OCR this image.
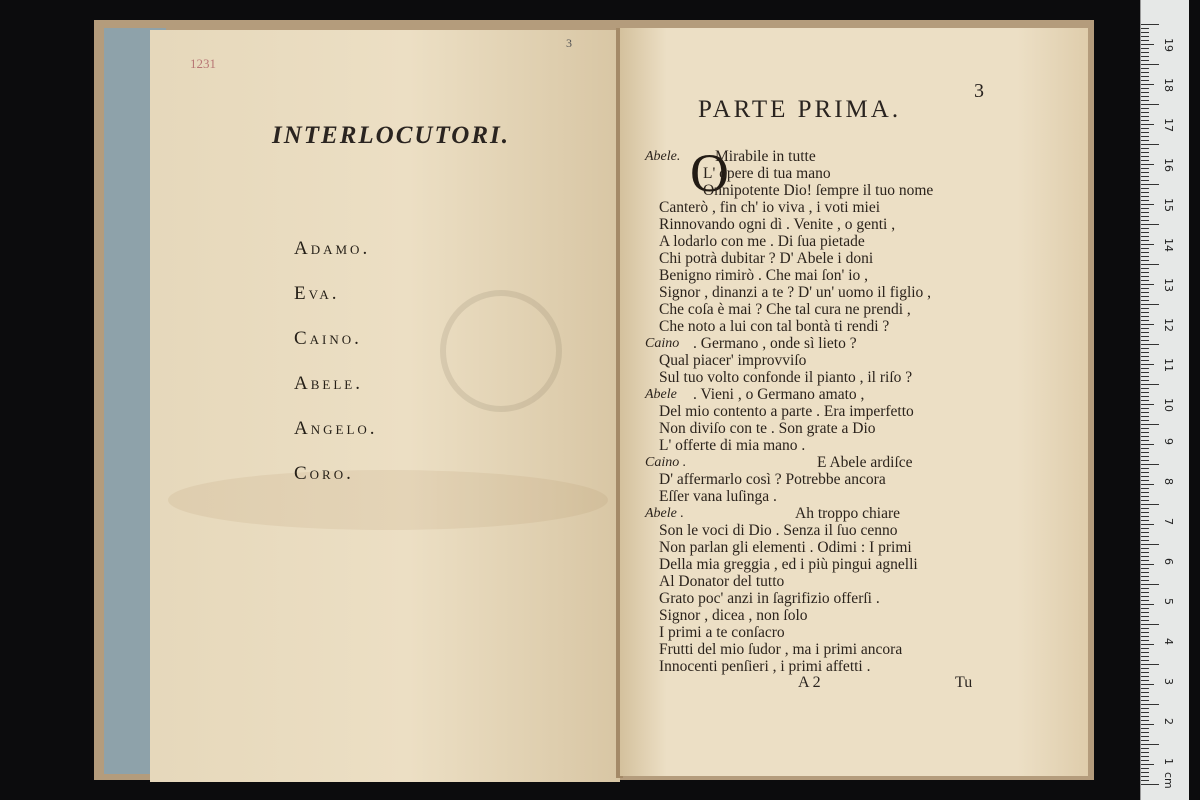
1231
3
INTERLOCUTORI.
Adamo.
Eva.
Caino.
Abele.
Angelo.
Coro.
3
PARTE PRIMA.
O
Abele. Mirabile in tutte
L' opere di tua mano
Onnipotente Dio! ſempre il tuo nome
Canterò , fin ch' io viva , i voti miei
Rinnovando ogni dì . Venite , o genti ,
A lodarlo con me . Di ſua pietade
Chi potrà dubitar ? D' Abele i doni
Benigno rimirò . Che mai ſon' io ,
Signor , dinanzi a te ? D' un' uomo il figlio ,
Che coſa è mai ? Che tal cura ne prendi ,
Che noto a lui con tal bontà ti rendi ?
Caino . Germano , onde sì lieto ?
Qual piacer' improvviſo
Sul tuo volto confonde il pianto , il riſo ?
Abele . Vieni , o Germano amato ,
Del mio contento a parte . Era imperfetto
Non diviſo con te . Son grate a Dio
L' offerte di mia mano .
Caino .	E Abele ardiſce
D' affermarlo così ? Potrebbe ancora
Eſſer vana luſinga .
Abele .	Ah troppo chiare
Son le voci di Dio . Senza il ſuo cenno
Non parlan gli elementi . Odimi : I primi
Della mia greggia , ed i più pingui agnelli
Al Donator del tutto
Grato poc' anzi in ſagrifizio offerſi .
Signor , dicea , non ſolo
I primi a te conſacro
Frutti del mio ſudor , ma i primi ancora
Innocenti penſieri , i primi affetti .
A 2	Tu
19
18
17
16
15
14
13
12
11
10
9
8
7
6
5
4
3
2
1
cm
